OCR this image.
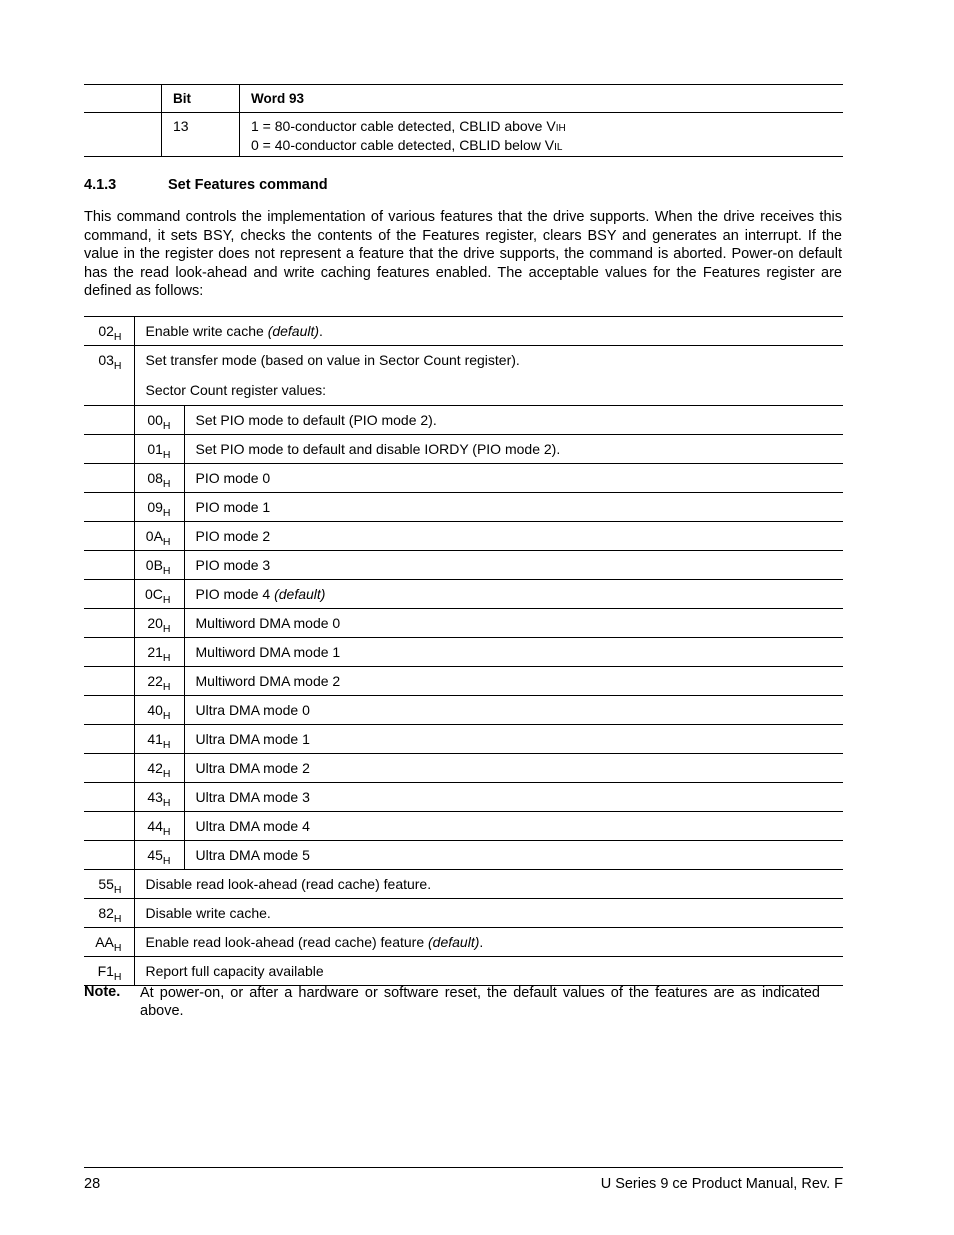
	Bit	Word 93
	13	1 = 80-conductor cable detected, CBLID above VIH
0 = 40-conductor cable detected, CBLID below VIL
4.1.3	Set Features command
This command controls the implementation of various features that the drive supports. When the drive receives this command, it sets BSY, checks the contents of the Features register, clears BSY and generates an interrupt. If the value in the register does not represent a feature that the drive supports, the command is aborted. Power-on default has the read look-ahead and write caching features enabled. The acceptable values for the Features register are defined as follows:
$02_H$	Enable write cache (default).	
$03_H$	Set transfer mode (based on value in Sector Count register).
Sector Count register values:	

	$00_H$	Set PIO mode to default (PIO mode 2).
	$01_H$	Set PIO mode to default and disable IORDY (PIO mode 2).
	$08_H$	PIO mode 0
	$09_H$	PIO mode 1
	$0A_H$	PIO mode 2
	$0B_H$	PIO mode 3
	$0C_H$	PIO mode 4 (default)
	$20_H$	Multiword DMA mode 0
	$21_H$	Multiword DMA mode 1
	$22_H$	Multiword DMA mode 2
	$40_H$	Ultra DMA mode 0
	$41_H$	Ultra DMA mode 1
	$42_H$	Ultra DMA mode 2
	$43_H$	Ultra DMA mode 3
	$44_H$	Ultra DMA mode 4
	$45_H$	Ultra DMA mode 5
$55_H$	Disable read look-ahead (read cache) feature.	
$82_H$	Disable write cache.	
$AA_H$	Enable read look-ahead (read cache) feature (default).	
$F1_H$	Report full capacity available	
Note. At power-on, or after a hardware or software reset, the default values of the features are as indicated above.
28	U Series 9 ce Product Manual, Rev. F
